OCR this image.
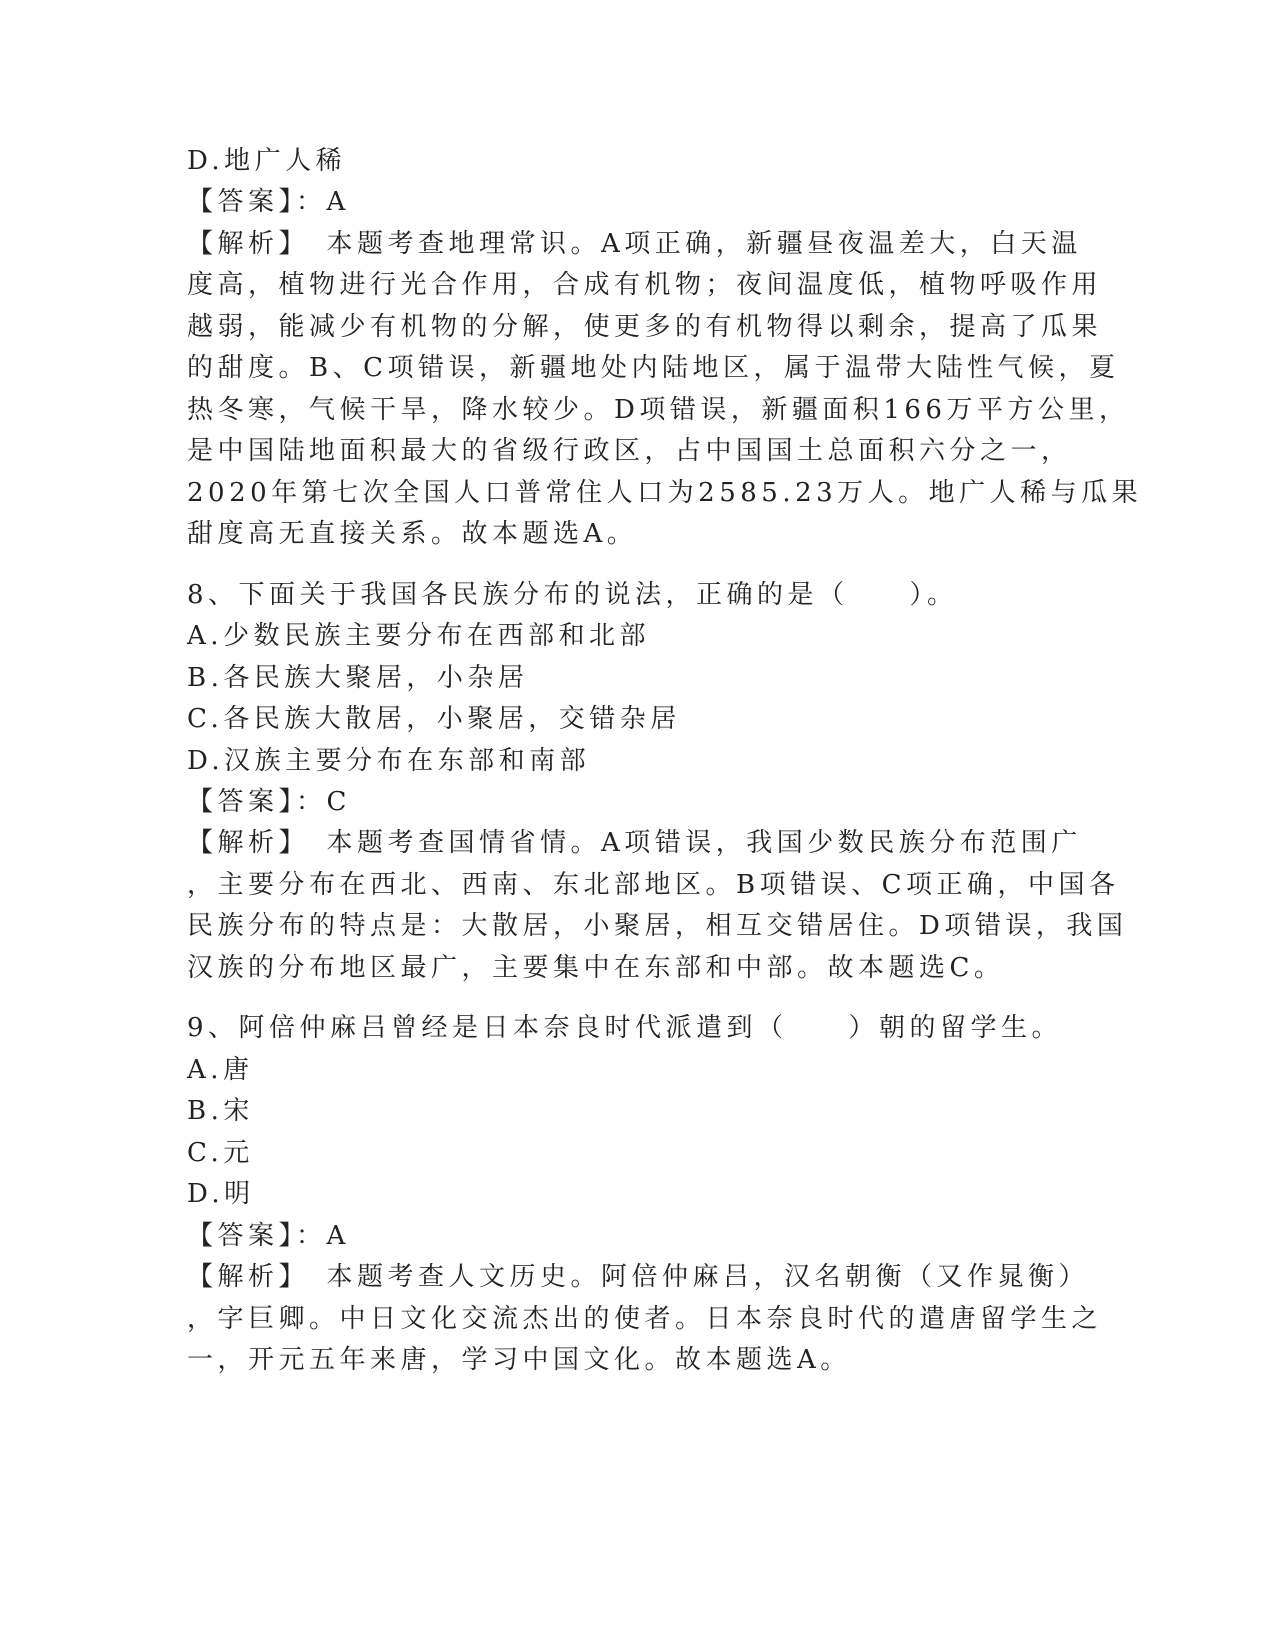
D.地广人稀
【答案】：A
【解析】　本题考查地理常识。A项正确，新疆昼夜温差大，白天温
度高，植物进行光合作用，合成有机物；夜间温度低，植物呼吸作用
越弱，能减少有机物的分解，使更多的有机物得以剩余，提高了瓜果
的甜度。B、C项错误，新疆地处内陆地区，属于温带大陆性气候，夏
热冬寒，气候干旱，降水较少。D项错误，新疆面积166万平方公里，
是中国陆地面积最大的省级行政区，占中国国土总面积六分之一，
2020年第七次全国人口普常住人口为2585.23万人。地广人稀与瓜果
甜度高无直接关系。故本题选A。
8、下面关于我国各民族分布的说法，正确的是（　　）。
A.少数民族主要分布在西部和北部
B.各民族大聚居，小杂居
C.各民族大散居，小聚居，交错杂居
D.汉族主要分布在东部和南部
【答案】：C
【解析】　本题考查国情省情。A项错误，我国少数民族分布范围广
，主要分布在西北、西南、东北部地区。B项错误、C项正确，中国各
民族分布的特点是：大散居，小聚居，相互交错居住。D项错误，我国
汉族的分布地区最广，主要集中在东部和中部。故本题选C。
9、阿倍仲麻吕曾经是日本奈良时代派遣到（　　）朝的留学生。
A.唐
B.宋
C.元
D.明
【答案】：A
【解析】　本题考查人文历史。阿倍仲麻吕，汉名朝衡（又作晁衡）
，字巨卿。中日文化交流杰出的使者。日本奈良时代的遣唐留学生之
一，开元五年来唐，学习中国文化。故本题选A。
